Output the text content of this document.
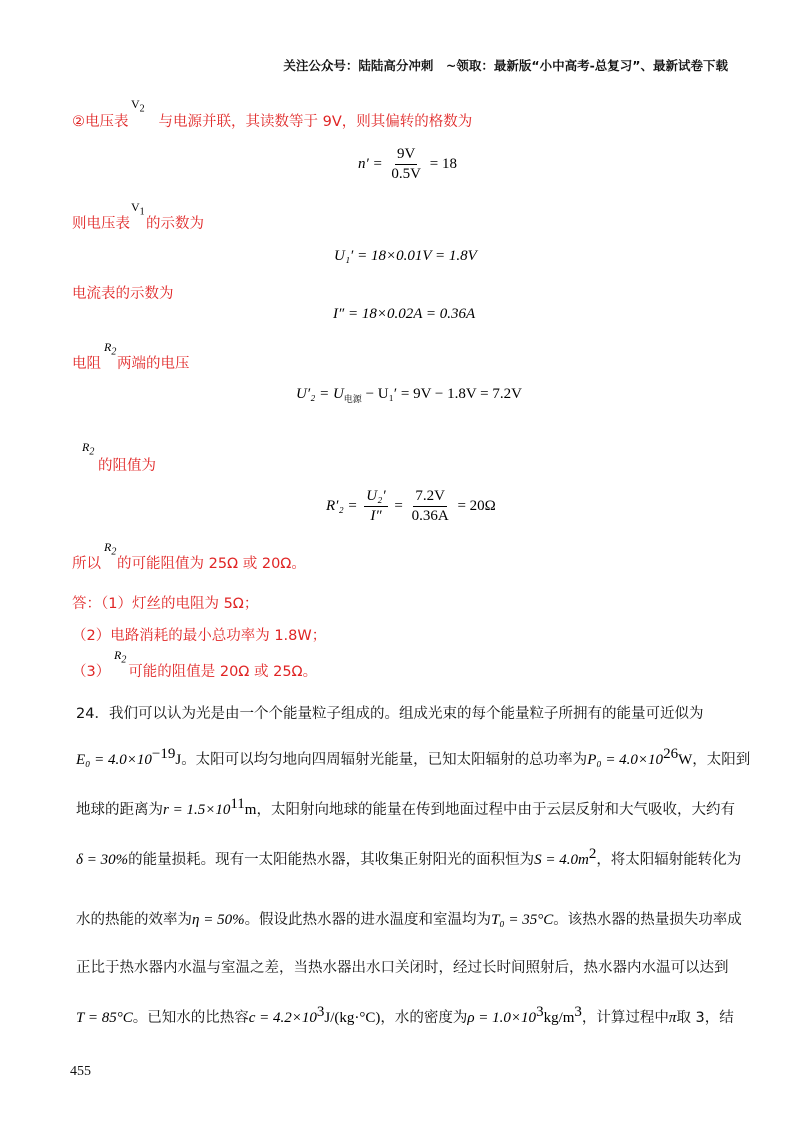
关注公众号：陆陆高分冲刺　~领取：最新版“小中高考-总复习”、最新试卷下载
②电压表 与电源并联，其读数等于 9V，则其偏转的格数为
$V_2$
$n' = \frac{9V}{0.5V} = 18$
则电压表 的示数为
$V_1$
U₁′ = 18×0.01V = 1.8V
电流表的示数为
I″ = 18×0.02A = 0.36A
电阻 两端的电压
$R_2$
$U'_2 = U_{电源} - U_1' = 9V - 1.8V = 7.2V$
$R_2$
的阻值为
$R'_2 = \frac{\text{U₂′}}{I''} = \frac{7.2V}{0.36A} = 20\Omega$
所以 的可能阻值为 25Ω 或 20Ω。
$R_2$
答：（1）灯丝的电阻为 5Ω；
（2）电路消耗的最小总功率为 1.8W；
（3） 可能的阻值是 20Ω 或 25Ω。
$R_2$
24．我们可以认为光是由一个个能量粒子组成的。组成光束的每个能量粒子所拥有的能量可近似为
$E_0 = 4.0\times 10^{-19}J$。太阳可以均匀地向四周辐射光能量，已知太阳辐射的总功率为$P_0 = 4.0\times 10^{26}W$，太阳到
地球的距离为$r = 1.5\times 10^{11}m$，太阳射向地球的能量在传到地面过程中由于云层反射和大气吸收，大约有
δ = 30%的能量损耗。现有一太阳能热水器，其收集正射阳光的面积恒为$S = 4.0m^2$，将太阳辐射能转化为
水的热能的效率为η = 50%。假设此热水器的进水温度和室温均为T₀ = 35°C。该热水器的热量损失功率成
正比于热水器内水温与室温之差，当热水器出水口关闭时，经过长时间照射后，热水器内水温可以达到
T = 85°C。已知水的比热容$c = 4.2\times 10^3J/(kg\cdot^\circ C)$，水的密度为$\rho = 1.0\times 10^3kg/m^3$，计算过程中π取 3，结
455
